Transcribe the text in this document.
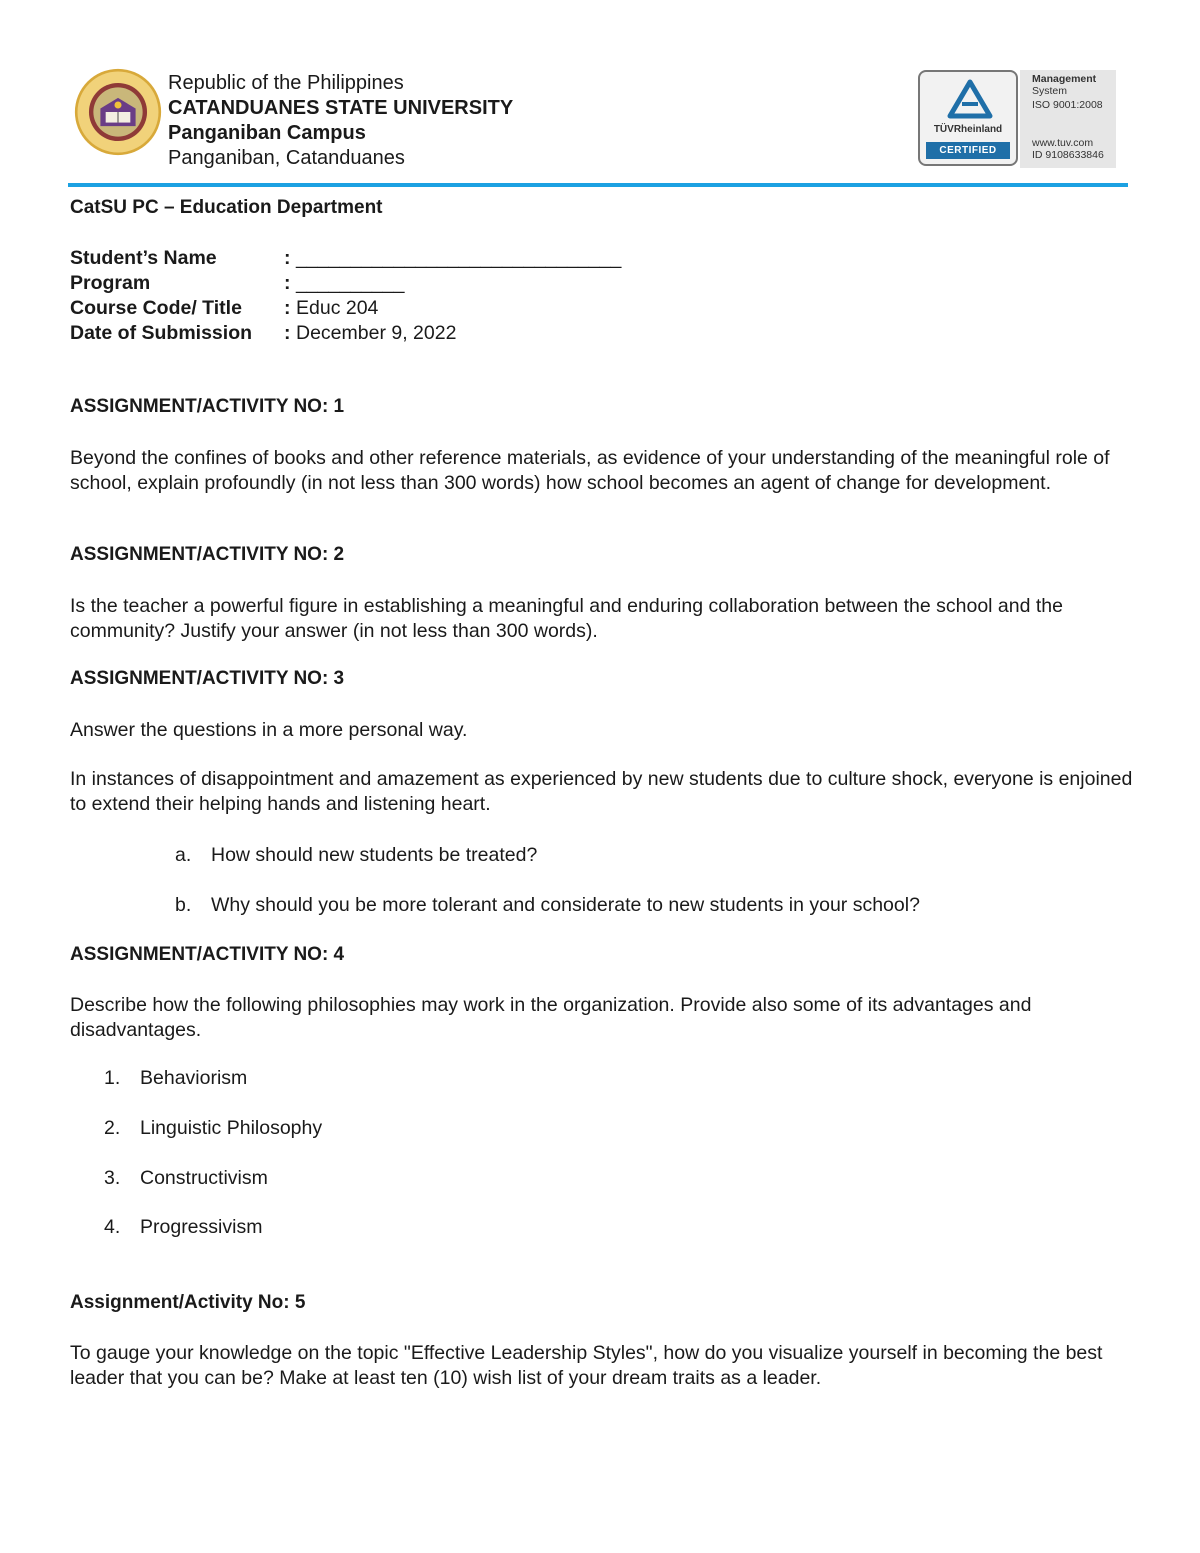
Republic of the Philippines
CATANDUANES STATE UNIVERSITY
Panganiban Campus
Panganiban, Catanduanes
TÜVRheinland
CERTIFIED
Management
System
ISO 9001:2008
www.tuv.com
ID 9108633846
CatSU PC – Education Department
Student’s Name	: ______________________________
Program	: __________
Course Code/ Title : Educ 204
Date of Submission : December 9, 2022
ASSIGNMENT/ACTIVITY NO: 1
Beyond the confines of books and other reference materials, as evidence of your understanding of the meaningful role of school, explain profoundly (in not less than 300 words) how school becomes an agent of change for development.
ASSIGNMENT/ACTIVITY NO: 2
Is the teacher a powerful figure in establishing a meaningful and enduring collaboration between the school and the community? Justify your answer (in not less than 300 words).
ASSIGNMENT/ACTIVITY NO: 3
Answer the questions in a more personal way.
In instances of disappointment and amazement as experienced by new students due to culture shock, everyone is enjoined to extend their helping hands and listening heart.
a. How should new students be treated?
b. Why should you be more tolerant and considerate to new students in your school?
ASSIGNMENT/ACTIVITY NO: 4
Describe how the following philosophies may work in the organization. Provide also some of its advantages and disadvantages.
1. Behaviorism
2. Linguistic Philosophy
3. Constructivism
4. Progressivism
Assignment/Activity No: 5
To gauge your knowledge on the topic "Effective Leadership Styles", how do you visualize yourself in becoming the best leader that you can be? Make at least ten (10) wish list of your dream traits as a leader.
